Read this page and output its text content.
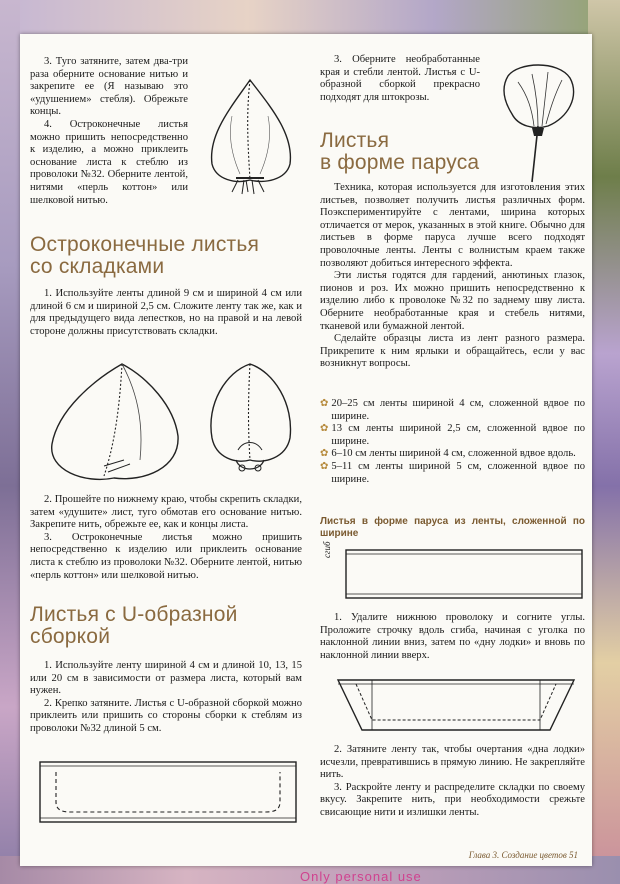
3. Туго затяните, затем два-три раза оберните основание нитью и закрепите ее (Я называю это «удушением» стебля). Обрежьте концы.

4. Остроконечные листья можно пришить непосредственно к изделию, а можно приклеить основание листа к стеблю из проволоки №32. Оберните лентой, нитями «перль коттон» или шелковой нитью.

Остроконечные листья
со складками

1. Используйте ленты длиной 9 см и шириной 4 см или длиной 6 см и шириной 2,5 см. Сложите ленту так же, как и для предыдущего вида лепестков, но на правой и на левой стороне должны присутствовать складки.

2. Прошейте по нижнему краю, чтобы скрепить складки, затем «удушите» лист, туго обмотав его основание нитью. Закрепите нить, обрежьте ее, как и концы листа.

3. Остроконечные листья можно пришить непосредственно к изделию или приклеить основание листа к стеблю из проволоки №32. Оберните лентой, нитью «перль коттон» или шелковой нитью.

Листья с U-образной
сборкой

1. Используйте ленту шириной 4 см и длиной 10, 13, 15 или 20 см в зависимости от размера листа, который вам нужен.

2. Крепко затяните. Листья с U-образной сборкой можно приклеить или пришить со стороны сборки к стеблям из проволоки №32 длиной 5 см.

3. Оберните необработанные края и стебли лентой. Листья с U-образной сборкой прекрасно подходят для штокрозы.

Листья
в форме паруса

Техника, которая используется для изготовления этих листьев, позволяет получить листья различных форм. Поэкспериментируйте с лентами, ширина которых отличается от мерок, указанных в этой книге. Обычно для листьев в форме паруса лучше всего подходят проволочные ленты. Ленты с волнистым краем также позволяют добиться интересного эффекта.

Эти листья годятся для гардений, анютиных глазок, пионов и роз. Их можно пришить непосредственно к изделию либо к проволоке №32 по заднему шву листа. Оберните необработанные края и стебель нитями, тканевой или бумажной лентой.

Сделайте образцы листа из лент разного размера. Прикрепите к ним ярлыки и обращайтесь, если у вас возникнут вопросы.

✿ 20–25 см ленты шириной 4 см, сложенной вдвое по ширине.

✿ 13 см ленты шириной 2,5 см, сложенной вдвое по ширине.

✿ 6–10 см ленты шириной 4 см, сложенной вдвое вдоль.

✿ 5–11 см ленты шириной 5 см, сложенной вдвое по ширине.

Листья в форме паруса из ленты, сложенной по ширине

сгиб

1. Удалите нижнюю проволоку и согните углы. Проложите строчку вдоль сгиба, начиная с уголка по наклонной линии вниз, затем по «дну лодки» и вновь по наклонной линии вверх.

2. Затяните ленту так, чтобы очертания «дна лодки» исчезли, превратившись в прямую линию. Не закрепляйте нить.

3. Раскройте ленту и распределите складки по своему вкусу. Закрепите нить, при необходимости срежьте свисающие нити и излишки ленты.

Глава 3. Создание цветов 51
Only personal use
